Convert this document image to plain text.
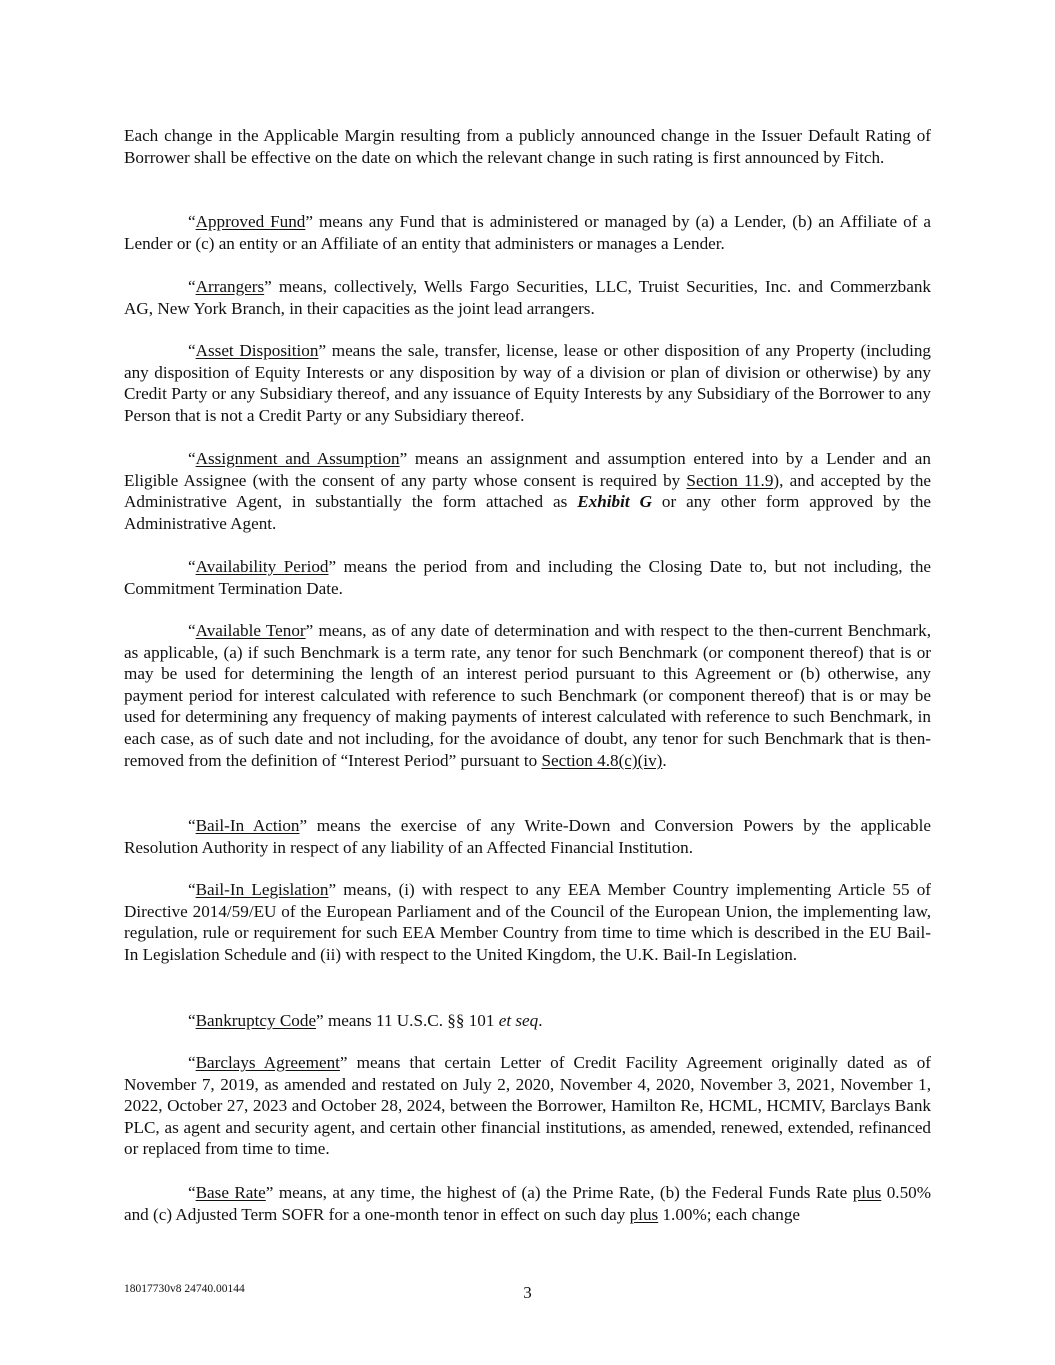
Each change in the Applicable Margin resulting from a publicly announced change in the Issuer Default Rating of Borrower shall be effective on the date on which the relevant change in such rating is first announced by Fitch.

“Approved Fund” means any Fund that is administered or managed by (a) a Lender, (b) an Affiliate of a Lender or (c) an entity or an Affiliate of an entity that administers or manages a Lender.

“Arrangers” means, collectively, Wells Fargo Securities, LLC, Truist Securities, Inc. and Commerzbank AG, New York Branch, in their capacities as the joint lead arrangers.

“Asset Disposition” means the sale, transfer, license, lease or other disposition of any Property (including any disposition of Equity Interests or any disposition by way of a division or plan of division or otherwise) by any Credit Party or any Subsidiary thereof, and any issuance of Equity Interests by any Subsidiary of the Borrower to any Person that is not a Credit Party or any Subsidiary thereof.

“Assignment and Assumption” means an assignment and assumption entered into by a Lender and an Eligible Assignee (with the consent of any party whose consent is required by Section 11.9), and accepted by the Administrative Agent, in substantially the form attached as Exhibit G or any other form approved by the Administrative Agent.

“Availability Period” means the period from and including the Closing Date to, but not including, the Commitment Termination Date.

“Available Tenor” means, as of any date of determination and with respect to the then-current Benchmark, as applicable, (a) if such Benchmark is a term rate, any tenor for such Benchmark (or component thereof) that is or may be used for determining the length of an interest period pursuant to this Agreement or (b) otherwise, any payment period for interest calculated with reference to such Benchmark (or component thereof) that is or may be used for determining any frequency of making payments of interest calculated with reference to such Benchmark, in each case, as of such date and not including, for the avoidance of doubt, any tenor for such Benchmark that is then-removed from the definition of “Interest Period” pursuant to Section 4.8(c)(iv).

“Bail-In Action” means the exercise of any Write-Down and Conversion Powers by the applicable Resolution Authority in respect of any liability of an Affected Financial Institution.

“Bail-In Legislation” means, (i) with respect to any EEA Member Country implementing Article 55 of Directive 2014/59/EU of the European Parliament and of the Council of the European Union, the implementing law, regulation, rule or requirement for such EEA Member Country from time to time which is described in the EU Bail-In Legislation Schedule and (ii) with respect to the United Kingdom, the U.K. Bail-In Legislation.

“Bankruptcy Code” means 11 U.S.C. §§ 101 et seq.

“Barclays Agreement” means that certain Letter of Credit Facility Agreement originally dated as of November 7, 2019, as amended and restated on July 2, 2020, November 4, 2020, November 3, 2021, November 1, 2022, October 27, 2023 and October 28, 2024, between the Borrower, Hamilton Re, HCML, HCMIV, Barclays Bank PLC, as agent and security agent, and certain other financial institutions, as amended, renewed, extended, refinanced or replaced from time to time.

“Base Rate” means, at any time, the highest of (a) the Prime Rate, (b) the Federal Funds Rate plus 0.50% and (c) Adjusted Term SOFR for a one-month tenor in effect on such day plus 1.00%; each change

18017730v8 24740.00144	3
